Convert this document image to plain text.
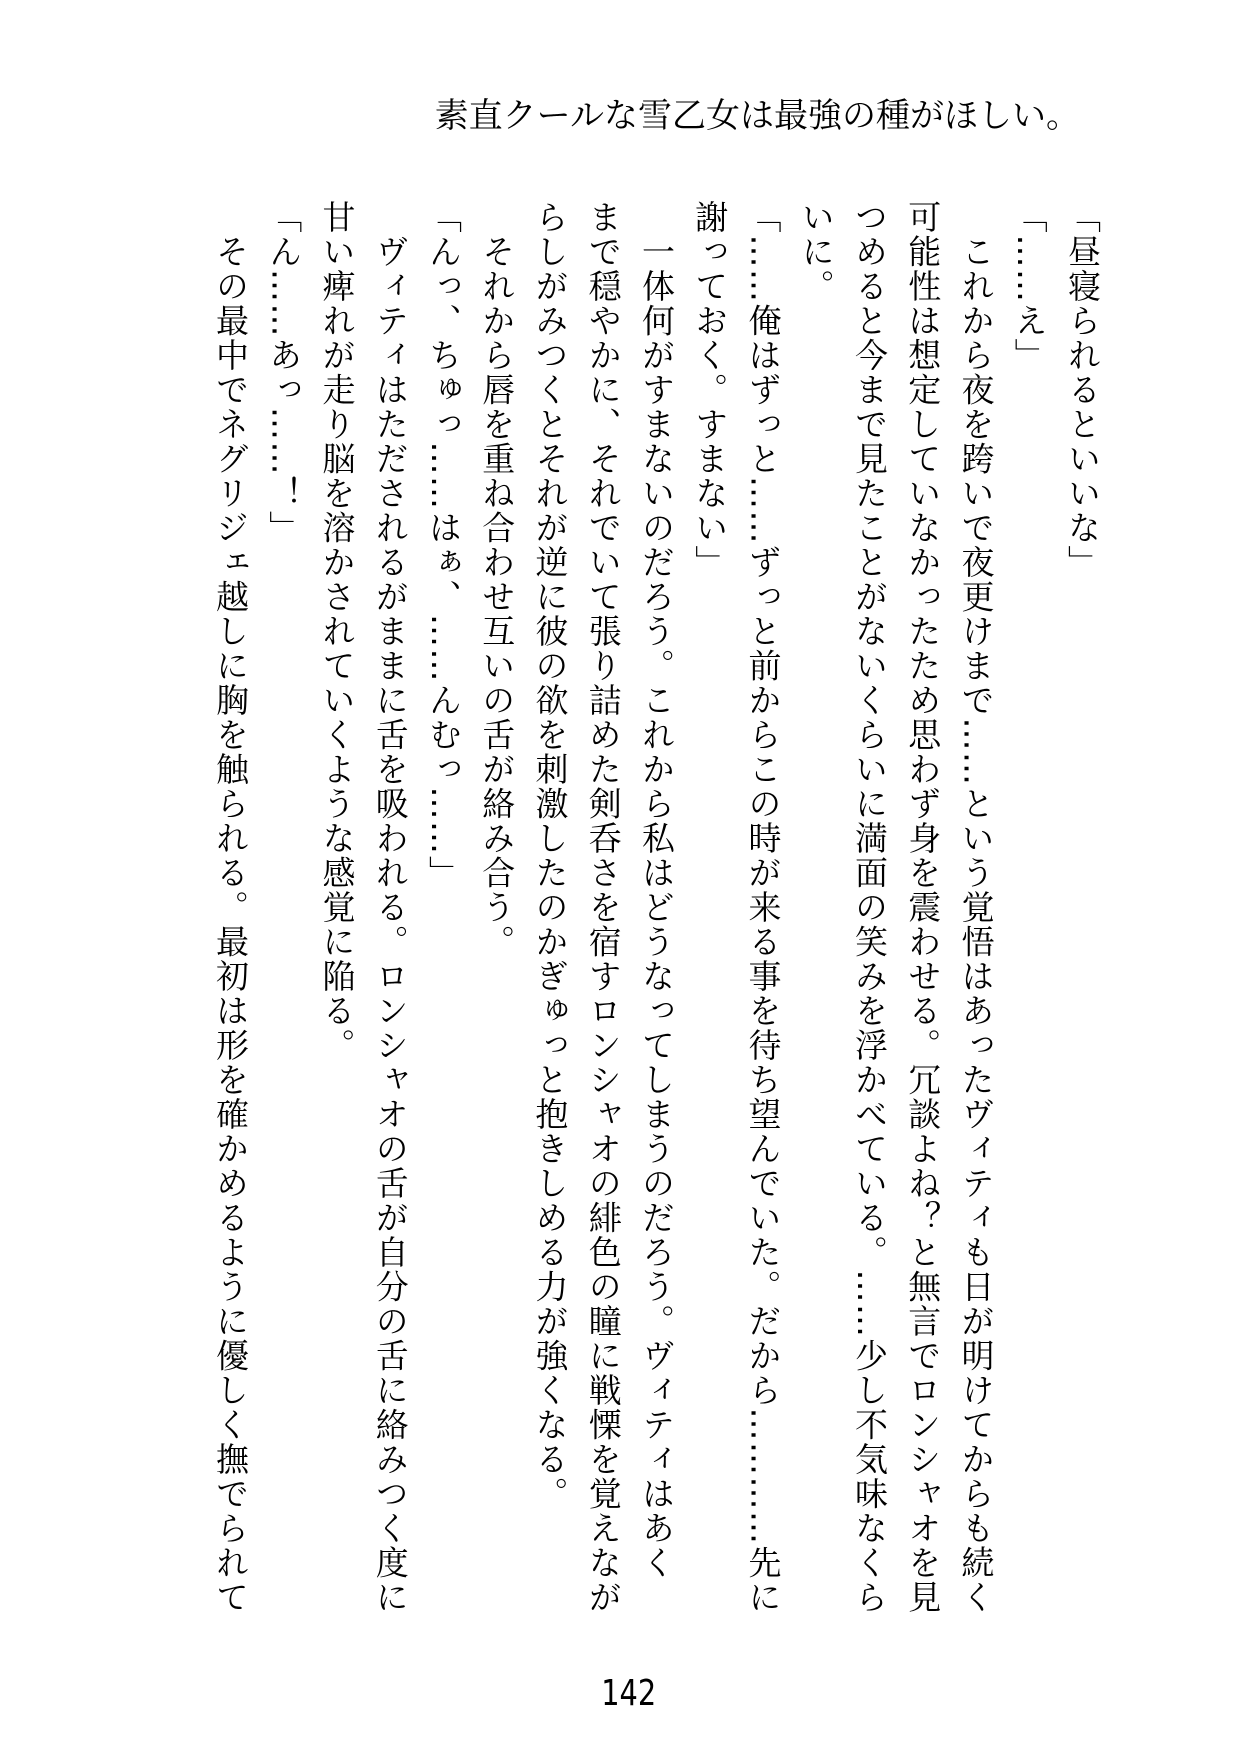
素直クールな雪乙女は最強の種がほしい。
「昼寝られるといいな」
「……え」
　これから夜を跨いで夜更けまで……という覚悟はあったヴィティも日が明けてからも続く
可能性は想定していなかったため思わず身を震わせる。冗談よね？と無言でロンシャオを見
つめると今まで見たことがないくらいに満面の笑みを浮かべている。……少し不気味なくら
いに。
「……俺はずっと……ずっと前からこの時が来る事を待ち望んでいた。だから…………先に
謝っておく。すまない」
　一体何がすまないのだろう。これから私はどうなってしまうのだろう。ヴィティはあく
まで穏やかに、それでいて張り詰めた剣呑さを宿すロンシャオの緋色の瞳に戦慄を覚えなが
らしがみつくとそれが逆に彼の欲を刺激したのかぎゅっと抱きしめる力が強くなる。
　それから唇を重ね合わせ互いの舌が絡み合う。
「んっ、ちゅっ……はぁ、……んむっ……」
　ヴィティはただされるがままに舌を吸われる。ロンシャオの舌が自分の舌に絡みつく度に
甘い痺れが走り脳を溶かされていくような感覚に陥る。
「ん……あっ……！」
　その最中でネグリジェ越しに胸を触られる。最初は形を確かめるように優しく撫でられて
142
